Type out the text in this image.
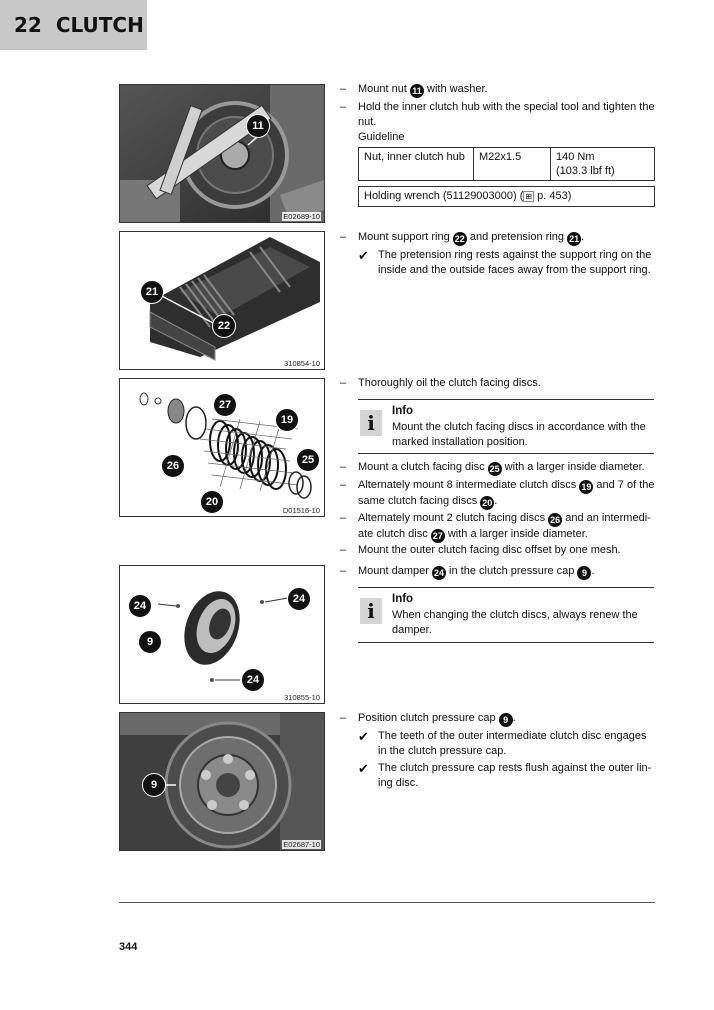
22 CLUTCH
11
E02689-10
21
22
310854-10
27
19
26	25
20
D01516-10
24
24
9
24
310855-10
9
E02687-10
–	Mount nut 11 with washer.
–	Hold the inner clutch hub with the special tool and tighten the nut.
Guideline
Nut, inner clutch hub	M22x1.5	140 Nm
(103.3 lbf ft)
Holding wrench (51129003000) ( ⊞ p. 453)
–	Mount support ring 22 and pretension ring 21 .
✔ The pretension ring rests against the support ring on the inside and the outside faces away from the support ring.
–	Thoroughly oil the clutch facing discs.
i	Info
Mount the clutch facing discs in accordance with the marked installation position.
–	Mount a clutch facing disc 25 with a larger inside diameter.
–	Alternately mount 8 intermediate clutch discs 19 and 7 of the same clutch facing discs 20 .
–	Alternately mount 2 clutch facing discs 26 and an intermedi-ate clutch disc 27 with a larger inside diameter.
–	Mount the outer clutch facing disc offset by one mesh.
–	Mount damper 24 in the clutch pressure cap 9 .
i	Info
When changing the clutch discs, always renew the damper.
–	Position clutch pressure cap 9 .
✔ The teeth of the outer intermediate clutch disc engages in the clutch pressure cap.
✔ The clutch pressure cap rests flush against the outer lin-ing disc.
344
